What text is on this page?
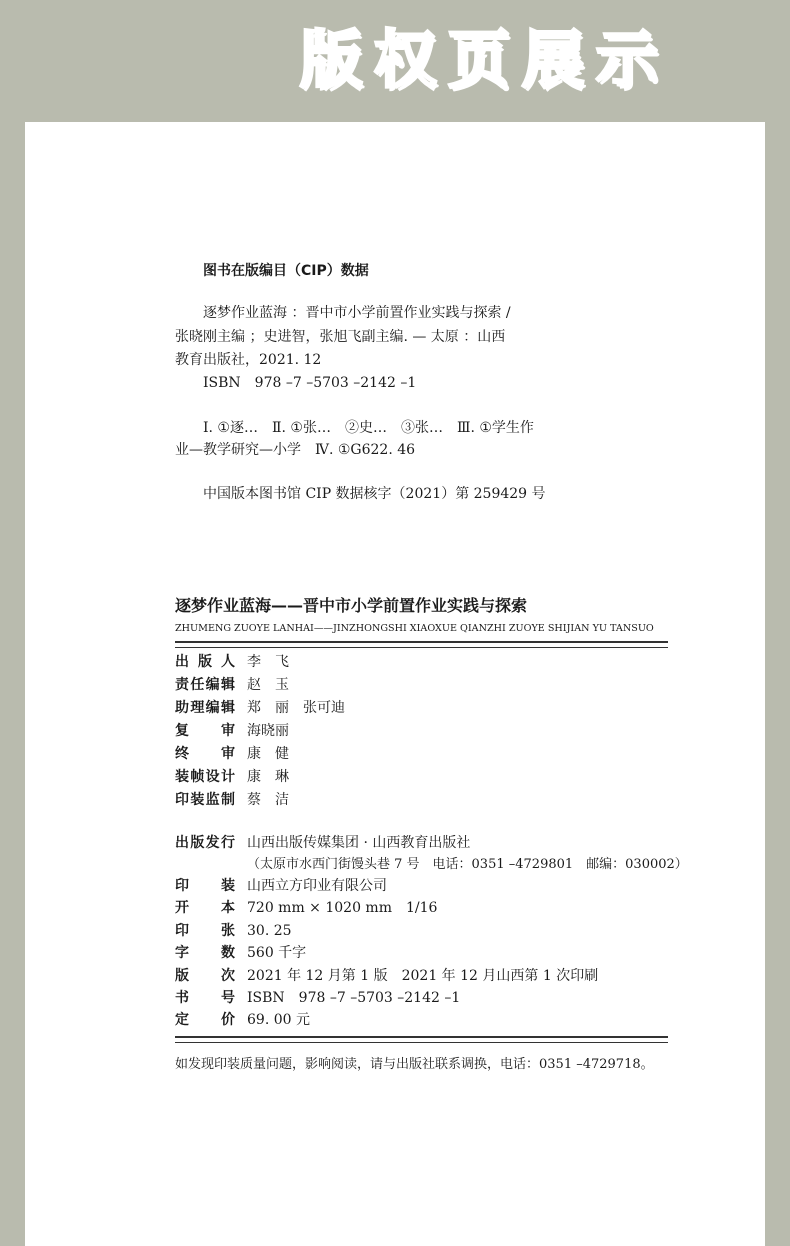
版权页展示
图书在版编目（CIP）数据
逐梦作业蓝海 ：晋中市小学前置作业实践与探索 /
张晓刚主编 ；史进智，张旭飞副主编. — 太原 ：山西
教育出版社，2021. 12
ISBN　978 –7 –5703 –2142 –1
Ⅰ. ①逐…　Ⅱ. ①张…　②史…　③张…　Ⅲ. ①学生作
业—教学研究—小学　Ⅳ. ①G622. 46
中国版本图书馆 CIP 数据核字（2021）第 259429 号
逐梦作业蓝海——晋中市小学前置作业实践与探索
ZHUMENG ZUOYE LANHAI——JINZHONGSHI XIAOXUE QIANZHI ZUOYE SHIJIAN YU TANSUO
出版人 李　飞
责任编辑 赵　玉
助理编辑 郑　丽　张可迪
复审 海晓丽
终审 康　健
装帧设计 康　琳
印装监制 蔡　洁
出版发行 山西出版传媒集团 · 山西教育出版社
（太原市水西门街馒头巷 7 号　电话：0351 –4729801　邮编：030002）
印装 山西立方印业有限公司
开本 720 mm × 1020 mm　1/16
印张 30. 25
字数 560 千字
版次 2021 年 12 月第 1 版　2021 年 12 月山西第 1 次印刷
书号 ISBN　978 –7 –5703 –2142 –1
定价 69. 00 元
如发现印装质量问题，影响阅读，请与出版社联系调换，电话：0351 –4729718。
